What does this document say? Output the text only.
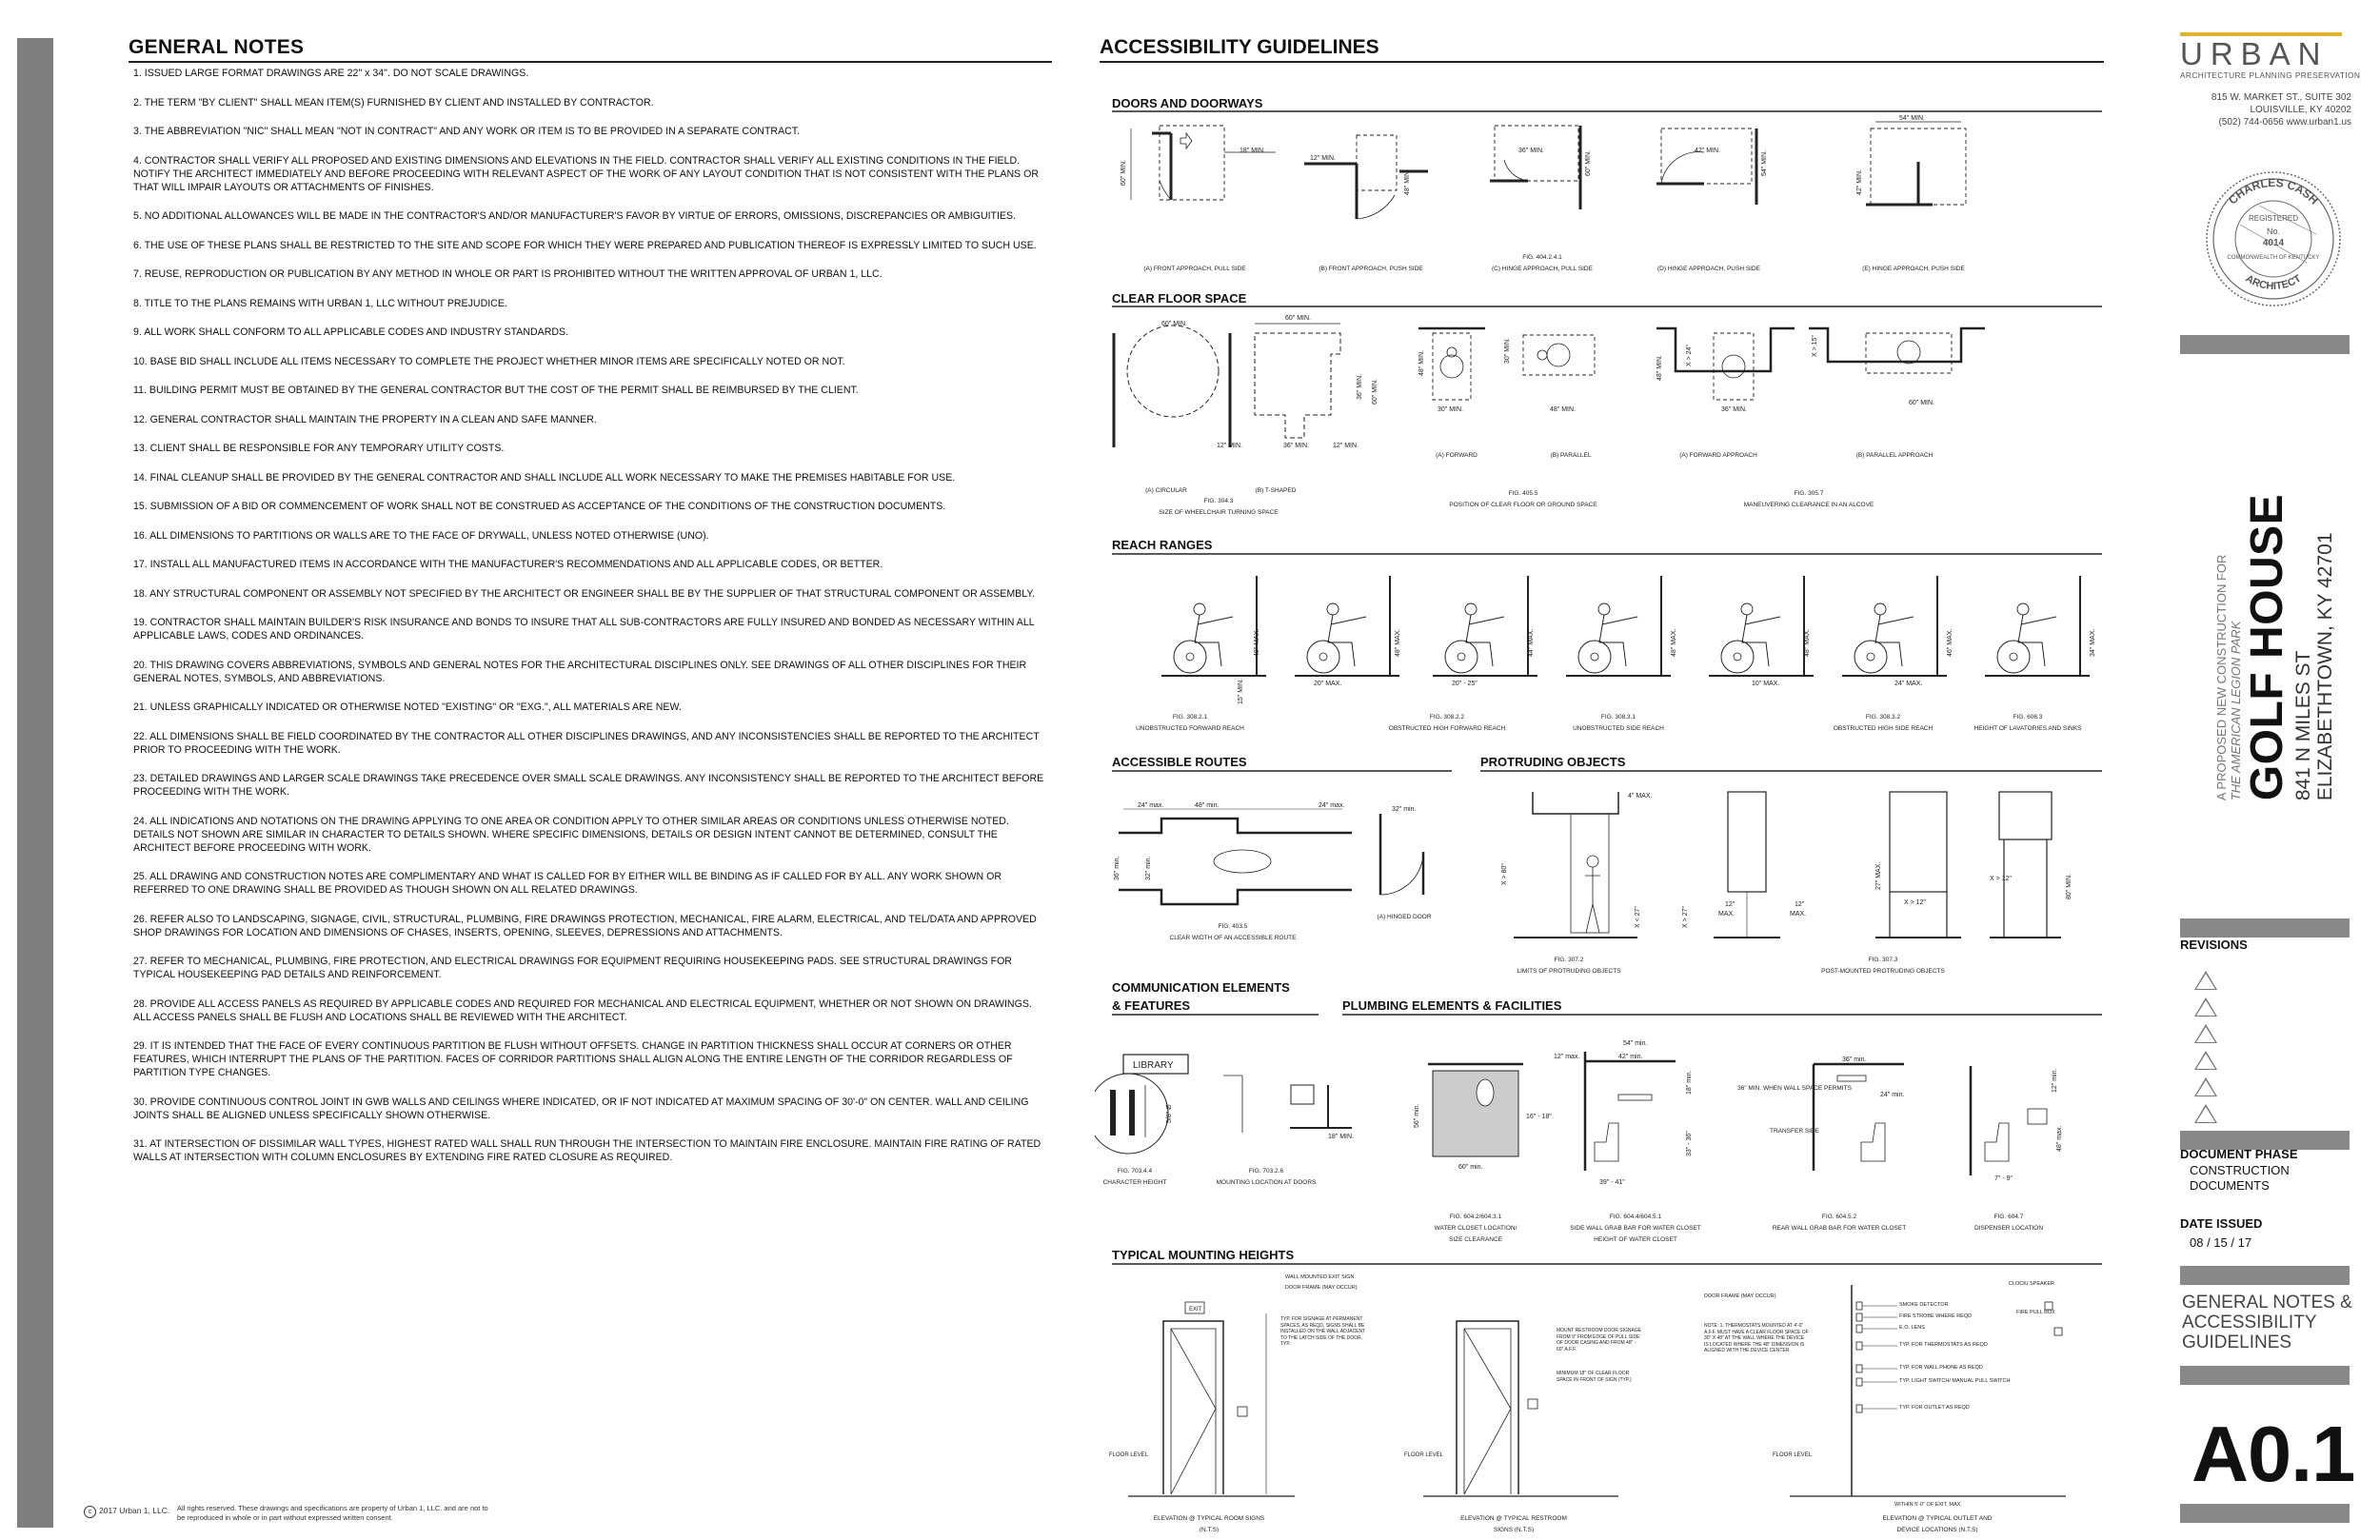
GENERAL NOTES
1. ISSUED LARGE FORMAT DRAWINGS ARE 22" x 34". DO NOT SCALE DRAWINGS.
2. THE TERM "BY CLIENT" SHALL MEAN ITEM(S) FURNISHED BY CLIENT AND INSTALLED BY CONTRACTOR.
3. THE ABBREVIATION "NIC" SHALL MEAN "NOT IN CONTRACT" AND ANY WORK OR ITEM IS TO BE PROVIDED IN A SEPARATE CONTRACT.
4. CONTRACTOR SHALL VERIFY ALL PROPOSED AND EXISTING DIMENSIONS AND ELEVATIONS IN THE FIELD. CONTRACTOR SHALL VERIFY ALL EXISTING CONDITIONS IN THE FIELD. NOTIFY THE ARCHITECT IMMEDIATELY AND BEFORE PROCEEDING WITH RELEVANT ASPECT OF THE WORK OF ANY LAYOUT CONDITION THAT IS NOT CONSISTENT WITH THE PLANS OR THAT WILL IMPAIR LAYOUTS OR ATTACHMENTS OF FINISHES.
5. NO ADDITIONAL ALLOWANCES WILL BE MADE IN THE CONTRACTOR'S AND/OR MANUFACTURER'S FAVOR BY VIRTUE OF ERRORS, OMISSIONS, DISCREPANCIES OR AMBIGUITIES.
6. THE USE OF THESE PLANS SHALL BE RESTRICTED TO THE SITE AND SCOPE FOR WHICH THEY WERE PREPARED AND PUBLICATION THEREOF IS EXPRESSLY LIMITED TO SUCH USE.
7. REUSE, REPRODUCTION OR PUBLICATION BY ANY METHOD IN WHOLE OR PART IS PROHIBITED WITHOUT THE WRITTEN APPROVAL OF URBAN 1, LLC.
8. TITLE TO THE PLANS REMAINS WITH URBAN 1, LLC WITHOUT PREJUDICE.
9. ALL WORK SHALL CONFORM TO ALL APPLICABLE CODES AND INDUSTRY STANDARDS.
10. BASE BID SHALL INCLUDE ALL ITEMS NECESSARY TO COMPLETE THE PROJECT WHETHER MINOR ITEMS ARE SPECIFICALLY NOTED OR NOT.
11. BUILDING PERMIT MUST BE OBTAINED BY THE GENERAL CONTRACTOR BUT THE COST OF THE PERMIT SHALL BE REIMBURSED BY THE CLIENT.
12. GENERAL CONTRACTOR SHALL MAINTAIN THE PROPERTY IN A CLEAN AND SAFE MANNER.
13. CLIENT SHALL BE RESPONSIBLE FOR ANY TEMPORARY UTILITY COSTS.
14. FINAL CLEANUP SHALL BE PROVIDED BY THE GENERAL CONTRACTOR AND SHALL INCLUDE ALL WORK NECESSARY TO MAKE THE PREMISES HABITABLE FOR USE.
15. SUBMISSION OF A BID OR COMMENCEMENT OF WORK SHALL NOT BE CONSTRUED AS ACCEPTANCE OF THE CONDITIONS OF THE CONSTRUCTION DOCUMENTS.
16. ALL DIMENSIONS TO PARTITIONS OR WALLS ARE TO THE FACE OF DRYWALL, UNLESS NOTED OTHERWISE (UNO).
17. INSTALL ALL MANUFACTURED ITEMS IN ACCORDANCE WITH THE MANUFACTURER'S RECOMMENDATIONS AND ALL APPLICABLE CODES, OR BETTER.
18. ANY STRUCTURAL COMPONENT OR ASSEMBLY NOT SPECIFIED BY THE ARCHITECT OR ENGINEER SHALL BE BY THE SUPPLIER OF THAT STRUCTURAL COMPONENT OR ASSEMBLY.
19. CONTRACTOR SHALL MAINTAIN BUILDER'S RISK INSURANCE AND BONDS TO INSURE THAT ALL SUB-CONTRACTORS ARE FULLY INSURED AND BONDED AS NECESSARY WITHIN ALL APPLICABLE LAWS, CODES AND ORDINANCES.
20. THIS DRAWING COVERS ABBREVIATIONS, SYMBOLS AND GENERAL NOTES FOR THE ARCHITECTURAL DISCIPLINES ONLY. SEE DRAWINGS OF ALL OTHER DISCIPLINES FOR THEIR GENERAL NOTES, SYMBOLS, AND ABBREVIATIONS.
21. UNLESS GRAPHICALLY INDICATED OR OTHERWISE NOTED "EXISTING" OR "EXG.", ALL MATERIALS ARE NEW.
22. ALL DIMENSIONS SHALL BE FIELD COORDINATED BY THE CONTRACTOR ALL OTHER DISCIPLINES DRAWINGS, AND ANY INCONSISTENCIES SHALL BE REPORTED TO THE ARCHITECT PRIOR TO PROCEEDING WITH THE WORK.
23. DETAILED DRAWINGS AND LARGER SCALE DRAWINGS TAKE PRECEDENCE OVER SMALL SCALE DRAWINGS. ANY INCONSISTENCY SHALL BE REPORTED TO THE ARCHITECT BEFORE PROCEEDING WITH THE WORK.
24. ALL INDICATIONS AND NOTATIONS ON THE DRAWING APPLYING TO ONE AREA OR CONDITION APPLY TO OTHER SIMILAR AREAS OR CONDITIONS UNLESS OTHERWISE NOTED. DETAILS NOT SHOWN ARE SIMILAR IN CHARACTER TO DETAILS SHOWN. WHERE SPECIFIC DIMENSIONS, DETAILS OR DESIGN INTENT CANNOT BE DETERMINED, CONSULT THE ARCHITECT BEFORE PROCEEDING WITH WORK.
25. ALL DRAWING AND CONSTRUCTION NOTES ARE COMPLIMENTARY AND WHAT IS CALLED FOR BY EITHER WILL BE BINDING AS IF CALLED FOR BY ALL. ANY WORK SHOWN OR REFERRED TO ONE DRAWING SHALL BE PROVIDED AS THOUGH SHOWN ON ALL RELATED DRAWINGS.
26. REFER ALSO TO LANDSCAPING, SIGNAGE, CIVIL, STRUCTURAL, PLUMBING, FIRE DRAWINGS PROTECTION, MECHANICAL, FIRE ALARM, ELECTRICAL, AND TEL/DATA AND APPROVED SHOP DRAWINGS FOR LOCATION AND DIMENSIONS OF CHASES, INSERTS, OPENING, SLEEVES, DEPRESSIONS AND ATTACHMENTS.
27. REFER TO MECHANICAL, PLUMBING, FIRE PROTECTION, AND ELECTRICAL DRAWINGS FOR EQUIPMENT REQUIRING HOUSEKEEPING PADS. SEE STRUCTURAL DRAWINGS FOR TYPICAL HOUSEKEEPING PAD DETAILS AND REINFORCEMENT.
28. PROVIDE ALL ACCESS PANELS AS REQUIRED BY APPLICABLE CODES AND REQUIRED FOR MECHANICAL AND ELECTRICAL EQUIPMENT, WHETHER OR NOT SHOWN ON DRAWINGS. ALL ACCESS PANELS SHALL BE FLUSH AND LOCATIONS SHALL BE REVIEWED WITH THE ARCHITECT.
29. IT IS INTENDED THAT THE FACE OF EVERY CONTINUOUS PARTITION BE FLUSH WITHOUT OFFSETS. CHANGE IN PARTITION THICKNESS SHALL OCCUR AT CORNERS OR OTHER FEATURES, WHICH INTERRUPT THE PLANS OF THE PARTITION. FACES OF CORRIDOR PARTITIONS SHALL ALIGN ALONG THE ENTIRE LENGTH OF THE CORRIDOR REGARDLESS OF PARTITION TYPE CHANGES.
30. PROVIDE CONTINUOUS CONTROL JOINT IN GWB WALLS AND CEILINGS WHERE INDICATED, OR IF NOT INDICATED AT MAXIMUM SPACING OF 30'-0" ON CENTER. WALL AND CEILING JOINTS SHALL BE ALIGNED UNLESS SPECIFICALLY SHOWN OTHERWISE.
31. AT INTERSECTION OF DISSIMILAR WALL TYPES, HIGHEST RATED WALL SHALL RUN THROUGH THE INTERSECTION TO MAINTAIN FIRE ENCLOSURE. MAINTAIN FIRE RATING OF RATED WALLS AT INTERSECTION WITH COLUMN ENCLOSURES BY EXTENDING FIRE RATED CLOSURE AS REQUIRED.
c 2017 Urban 1, LLC. All rights reserved. These drawings and specifications are property of Urban 1, LLC. and are not to be reproduced in whole or in part without expressed written consent.
ACCESSIBILITY GUIDELINES
DOORS AND DOORWAYS
18" MIN.
60" MIN.
12" MIN.
48" MIN.
36" MIN.	60" MIN.
FIG. 404.2.4.1
42" MIN.	54" MIN.
54" MIN.
42" MIN.
(A) FRONT APPROACH, PULL SIDE	(B) FRONT APPROACH, PUSH SIDE	(C) HINGE APPROACH, PULL SIDE	(D) HINGE APPROACH, PUSH SIDE	(E) HINGE APPROACH, PUSH SIDE
CLEAR FLOOR SPACE
60" MIN.
60" MIN.
12" MIN.	36" MIN.	12" MIN.
36" MIN. 60" MIN.
48" MIN.	30" MIN.
30" MIN.	48" MIN.
48" MIN.	X > 24"
36" MIN.
X > 15"
60" MIN.
(A) CIRCULAR	(B) T-SHAPED
(A) FORWARD	(B) PARALLEL	(A) FORWARD APPROACH	(B) PARALLEL APPROACH
FIG. 304.3
SIZE OF WHEELCHAIR TURNING SPACE
FIG. 405.5
POSITION OF CLEAR FLOOR OR GROUND SPACE
FIG. 305.7
MANEUVERING CLEARANCE IN AN ALCOVE
REACH RANGES
FIG. 308.2.1
UNOBSTRUCTED FORWARD REACH
FIG. 308.2.2
OBSTRUCTED HIGH FORWARD REACH
FIG. 308.3.1
UNOBSTRUCTED SIDE REACH
FIG. 308.3.2
OBSTRUCTED HIGH SIDE REACH
FIG. 606.3
HEIGHT OF LAVATORIES AND SINKS
48" MAX.
15" MIN.	20" MAX.
48" MAX.
20" - 25"
44" MAX.	48" MAX.
10" MAX.
48" MAX.
24" MAX.
46" MAX.	34" MAX.
ACCESSIBLE ROUTES
24" max.	48" min.	24" max.
36" min.	32" min.
32" min.
FIG. 403.5
CLEAR WIDTH OF AN ACCESSIBLE ROUTE
(A) HINGED DOOR
PROTRUDING OBJECTS
4" MAX.
X > 80"
X < 27"	X > 27"
12"
MAX.
12"
MAX.
27" MAX.
X > 12"
X > 12"	80" MIN.
FIG. 307.2
LIMITS OF PROTRUDING OBJECTS
FIG. 307.3
POST-MOUNTED PROTRUDING OBJECTS
COMMUNICATION ELEMENTS
& FEATURES
LIBRARY
5/8" Ø
18" MIN.
FIG. 703.4.4
CHARACTER HEIGHT
FIG. 703.2.6
MOUNTING LOCATION AT DOORS
PLUMBING ELEMENTS & FACILITIES
56" min.
60" min.
16" - 18"
54" min.
12" max.	42" min.
18" min.
39" - 41"
33" - 36"
36" MIN. WHEN WALL SPACE PERMITS
TRANSFER SIDE
36" min.
24" min.
7" - 9"
48" max.
12" min.
FIG. 604.2/604.3.1
WATER CLOSET LOCATION/
SIZE CLEARANCE
FIG. 604.4/604.5.1
SIDE WALL GRAB BAR FOR WATER CLOSET
HEIGHT OF WATER CLOSET
FIG. 604.5.2
REAR WALL GRAB BAR FOR WATER CLOSET
FIG. 604.7
DISPENSER LOCATION
TYPICAL MOUNTING HEIGHTS
EXIT
WALL MOUNTED EXIT SIGN
DOOR FRAME (MAY OCCUR)
TYP. FOR SIGNAGE AT PERMANENT SPACES, AS REQD, SIGNS SHALL BE INSTALLED ON THE WALL ADJACENT TO THE LATCH SIDE OF THE DOOR. TYP.
FLOOR LEVEL
MOUNT RESTROOM DOOR SIGNAGE FROM 9" FROM EDGE OF PULL SIDE OF DOOR CASING AND FROM 48" - 60" A.F.F.
MINIMUM 18" OF CLEAR FLOOR SPACE IN FRONT OF SIGN (TYP.)
FLOOR LEVEL
DOOR FRAME (MAY OCCUR)
NOTE: 1. THERMOSTATS MOUNTED AT 4'-0" A.F.F. MUST HAVE A CLEAR FLOOR SPACE OF 30" X 48" AT THE WALL WHERE THE DEVICE IS LOCATED WHERE THE 48" DIMENSION IS ALIGNED WITH THE DEVICE CENTER.
SMOKE DETECTOR
FIRE STROBE WHERE REQD
E.O. LENS
TYP. FOR THERMOSTATS AS REQD
TYP. FOR WALL PHONE AS REQD
TYP. LIGHT SWITCH/ MANUAL PULL SWITCH
TYP. FOR OUTLET AS REQD
CLOCK/ SPEAKER
FIRE PULL BOX
WITHIN 5'-0" OF EXIT, MAX.
FLOOR LEVEL
ELEVATION @ TYPICAL ROOM SIGNS
(N.T.S)
ELEVATION @ TYPICAL RESTROOM
SIGNS (N.T.S)
ELEVATION @ TYPICAL OUTLET AND
DEVICE LOCATIONS (N.T.S)
URBAN
ARCHITECTURE PLANNING PRESERVATION
815 W. MARKET ST., SUITE 302
LOUISVILLE, KY 40202
(502) 744-0656 www.urban1.us
CHARLES CASH
ARCHITECT
REGISTERED
No.
4014
COMMONWEALTH OF KENTUCKY
A PROPOSED NEW CONSTRUCTION FOR THE AMERICAN LEGION PARK GOLF HOUSE 841 N MILES ST ELIZABETHTOWN, KY 42701
REVISIONS
DOCUMENT PHASE
CONSTRUCTION
DOCUMENTS
DATE ISSUED
08 / 15 / 17
GENERAL NOTES &
ACCESSIBILITY
GUIDELINES
A0.1
